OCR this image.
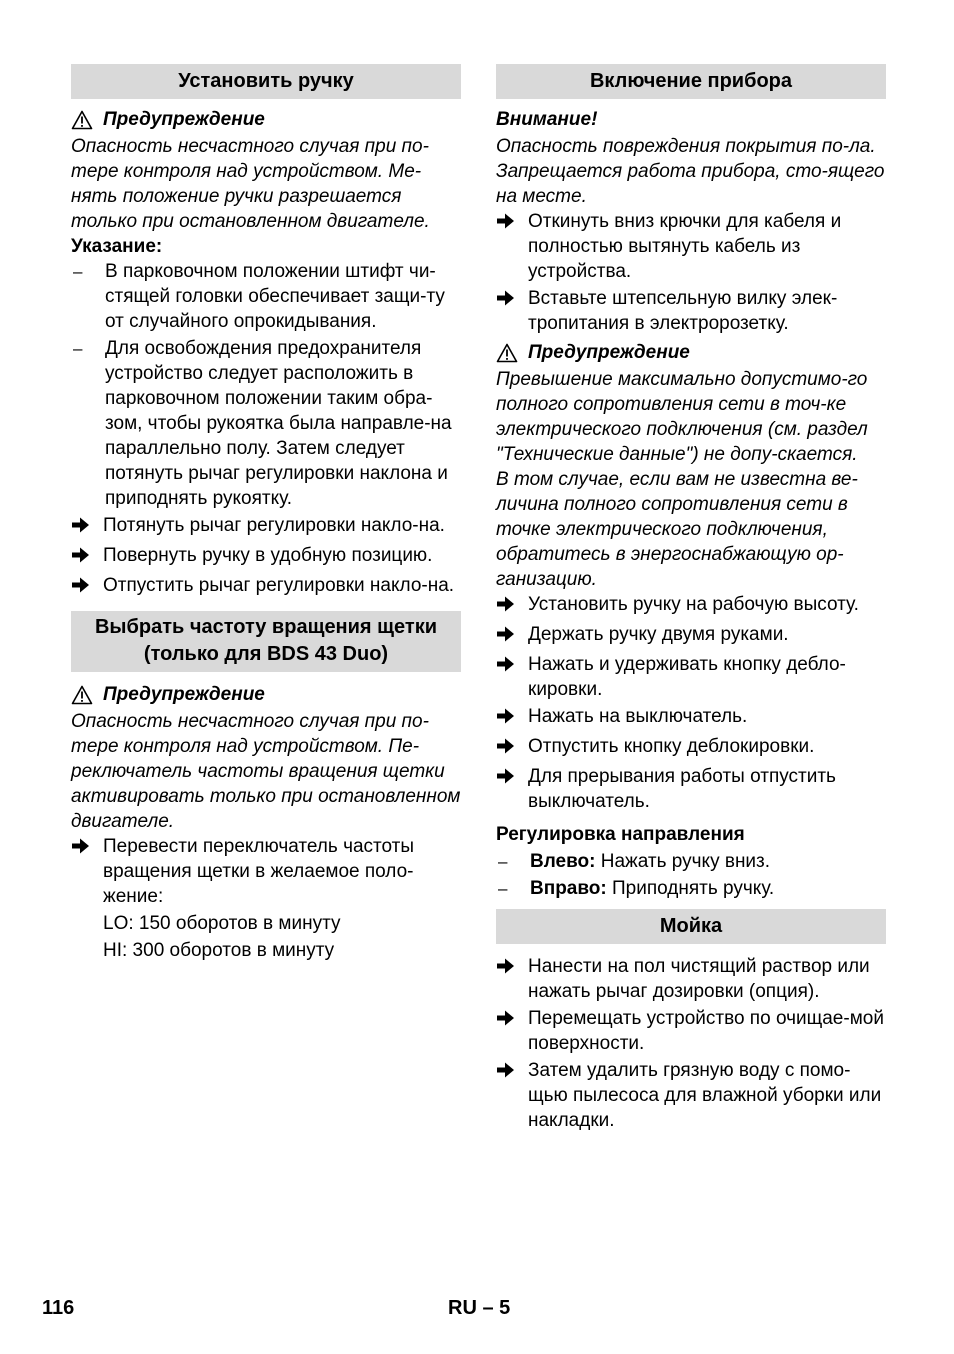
Установить ручку
Предупреждение
Опасность несчастного случая при по-тере контроля над устройством. Ме-нять положение ручки разрешается только при остановленном двигателе.
Указание:
–	В парковочном положении штифт чи-стящей головки обеспечивает защи-ту от случайного опрокидывания.
–	Для освобождения предохранителя устройство следует расположить в парковочном положении таким обра-зом, чтобы рукоятка была направле-на параллельно полу. Затем следует потянуть рычаг регулировки наклона и приподнять рукоятку.
Потянуть рычаг регулировки накло-на.
Повернуть ручку в удобную позицию.
Отпустить рычаг регулировки накло-на.
Выбрать частоту вращения щетки
(только для BDS 43 Duo)
Предупреждение
Опасность несчастного случая при по-тере контроля над устройством. Пе-реключатель частоты вращения щетки активировать только при остановленном двигателе.
Перевести переключатель частоты вращения щетки в желаемое поло-жение:
LO: 150 оборотов в минуту
HI: 300 оборотов в минуту
Включение прибора
Внимание!
Опасность повреждения покрытия по-ла. Запрещается работа прибора, сто-ящего на месте.
Откинуть вниз крючки для кабеля и полностью вытянуть кабель из устройства.
Вставьте штепсельную вилку элек-тропитания в электророзетку.
Предупреждение
Превышение максимально допустимо-го полного сопротивления сети в точ-ке электрического подключения (см. раздел "Технические данные") не допу-скается.
В том случае, если вам не известна ве-личина полного сопротивления сети в точке электрического подключения, обратитесь в энергоснабжающую ор-ганизацию.
Установить ручку на рабочую высоту.
Держать ручку двумя руками.
Нажать и удерживать кнопку дебло-кировки.
Нажать на выключатель.
Отпустить кнопку деблокировки.
Для прерывания работы отпустить выключатель.
Регулировка направления
–	Влево: Нажать ручку вниз.
–	Вправо: Приподнять ручку.
Мойка
Нанести на пол чистящий раствор или нажать рычаг дозировки (опция).
Перемещать устройство по очищае-мой поверхности.
Затем удалить грязную воду с помо-щью пылесоса для влажной уборки или накладки.
116	RU – 5
